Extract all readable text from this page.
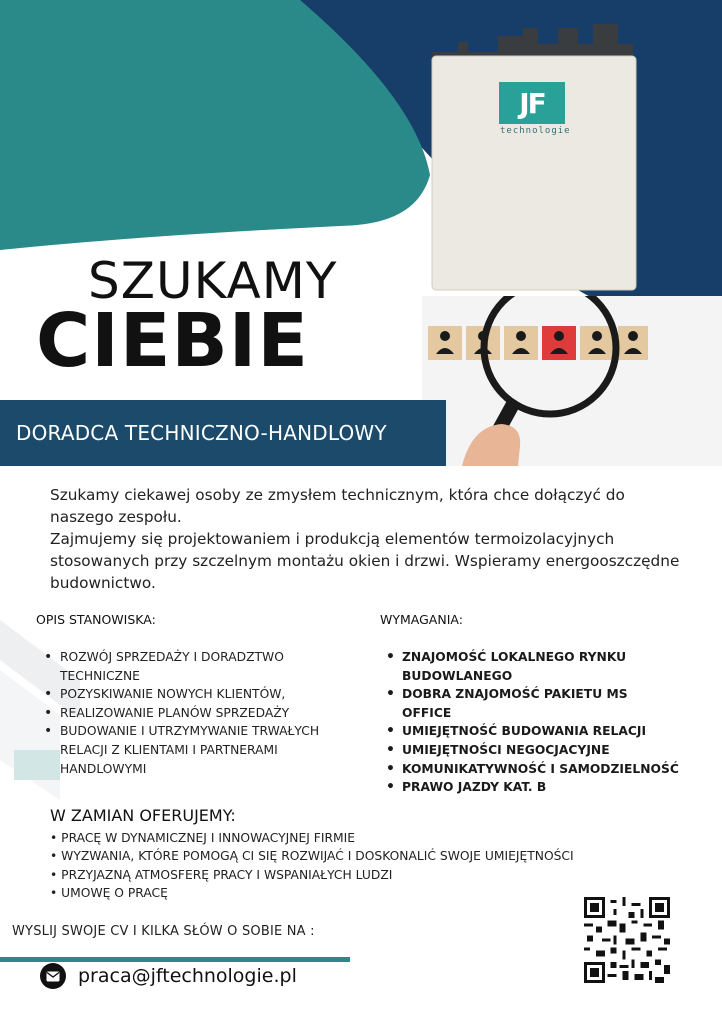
JF
technologie
SZUKAMY
CIEBIE
DORADCA TECHNICZNO-HANDLOWY

Szukamy ciekawej osoby ze zmysłem technicznym, która chce dołączyć do naszego zespołu.

Zajmujemy się projektowaniem i produkcją elementów termoizolacyjnych stosowanych przy szczelnym montażu okien i drzwi. Wspieramy energooszczędne budownictwo.

OPIS STANOWISKA:
• ROZWÓJ SPRZEDAŻY I DORADZTWO TECHNICZNE
• POZYSKIWANIE NOWYCH KLIENTÓW,
• REALIZOWANIE PLANÓW SPRZEDAŻY
• BUDOWANIE I UTRZYMYWANIE TRWAŁYCH RELACJI Z KLIENTAMI I PARTNERAMI HANDLOWYMI
WYMAGANIA:
• ZNAJOMOŚĆ LOKALNEGO RYNKU BUDOWLANEGO
• DOBRA ZNAJOMOŚĆ PAKIETU MS OFFICE
• UMIEJĘTNOŚĆ BUDOWANIA RELACJI
• UMIEJĘTNOŚCI NEGOCJACYJNE
• KOMUNIKATYWNOŚĆ I SAMODZIELNOŚĆ
• PRAWO JAZDY KAT. B
W ZAMIAN OFERUJEMY:
• PRACĘ W DYNAMICZNEJ I INNOWACYJNEJ FIRMIE
• WYZWANIA, KTÓRE POMOGĄ CI SIĘ ROZWIJAĆ I DOSKONALIĆ SWOJE UMIEJĘTNOŚCI
• PRZYJAZNĄ ATMOSFERĘ PRACY I WSPANIAŁYCH LUDZI
• UMOWĘ O PRACĘ
WYSLIJ SWOJE CV I KILKA SŁÓW O SOBIE NA :
praca@jftechnologie.pl
